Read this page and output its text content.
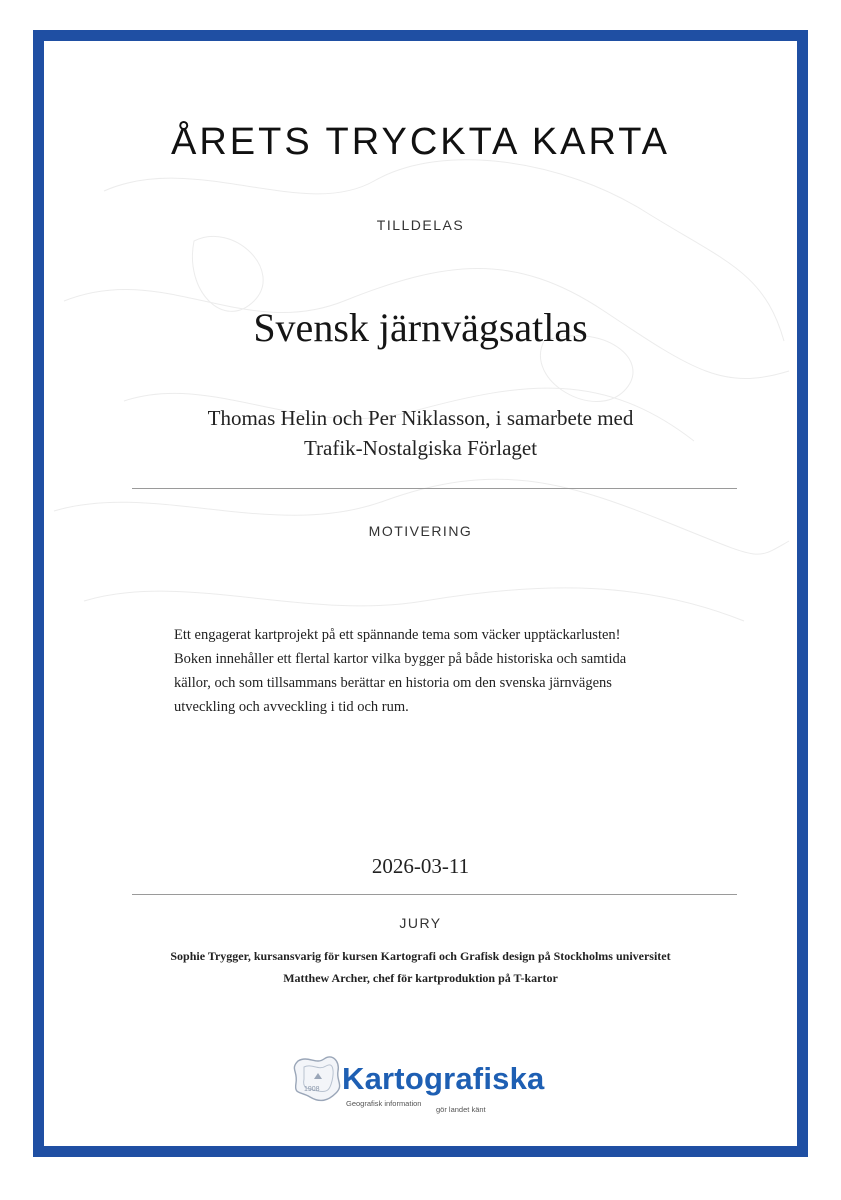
ÅRETS TRYCKTA KARTA
TILLDELAS
Svensk järnvägsatlas
Thomas Helin och Per Niklasson, i samarbete med
Trafik-Nostalgiska Förlaget
MOTIVERING

Ett engagerat kartprojekt på ett spännande tema som väcker upptäckarlusten!

Boken innehåller ett flertal kartor vilka bygger på både historiska och samtida

källor, och som tillsammans berättar en historia om den svenska järnvägens

utveckling och avveckling i tid och rum.

2026-03-11
JURY
Sophie Trygger, kursansvarig för kursen Kartografi och Grafisk design på Stockholms universitet
Matthew Archer, chef för kartproduktion på T-kartor
1908 Kartografiska
Geografisk information
gör landet känt
